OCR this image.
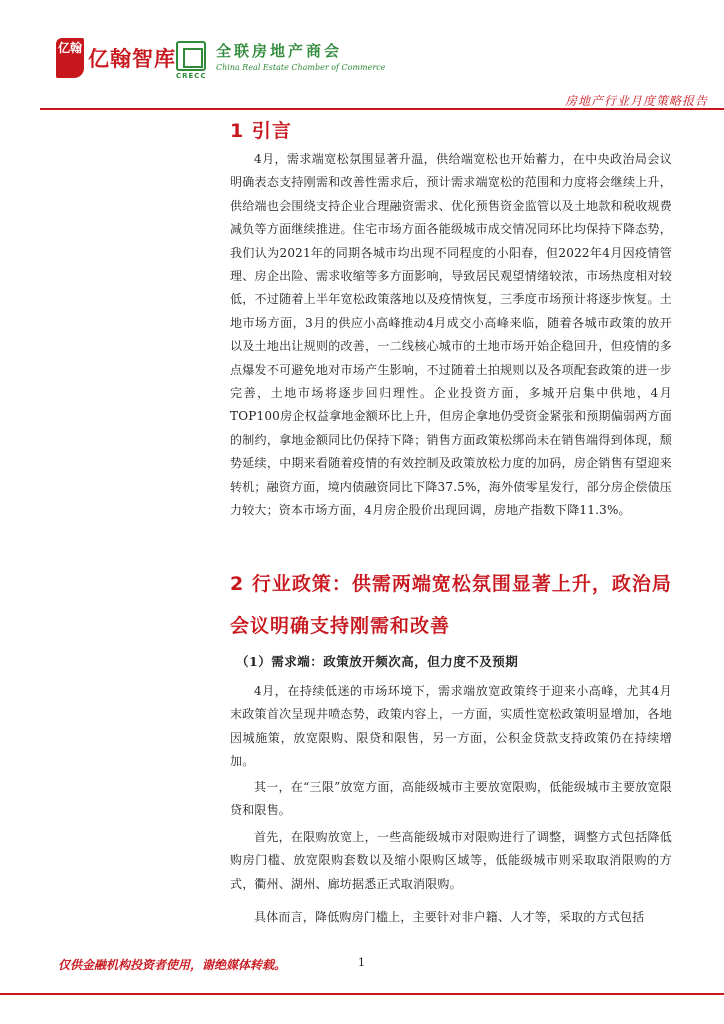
亿翰 亿翰智库
CRECC
全联房地产商会
China Real Estate Chamber of Commerce
房地产行业月度策略报告
1 引言
4月，需求端宽松氛围显著升温，供给端宽松也开始蓄力，在中央政治局会议明确表态支持刚需和改善性需求后，预计需求端宽松的范围和力度将会继续上升，供给端也会围绕支持企业合理融资需求、优化预售资金监管以及土地款和税收规费减负等方面继续推进。住宅市场方面各能级城市成交情况同环比均保持下降态势，我们认为2021年的同期各城市均出现不同程度的小阳春，但2022年4月因疫情管理、房企出险、需求收缩等多方面影响，导致居民观望情绪较浓，市场热度相对较低，不过随着上半年宽松政策落地以及疫情恢复，三季度市场预计将逐步恢复。土地市场方面，3月的供应小高峰推动4月成交小高峰来临，随着各城市政策的放开以及土地出让规则的改善，一二线核心城市的土地市场开始企稳回升，但疫情的多点爆发不可避免地对市场产生影响，不过随着土拍规则以及各项配套政策的进一步完善，土地市场将逐步回归理性。企业投资方面，多城开启集中供地，4月TOP100房企权益拿地金额环比上升，但房企拿地仍受资金紧张和预期偏弱两方面的制约，拿地金额同比仍保持下降；销售方面政策松绑尚未在销售端得到体现，颓势延续，中期来看随着疫情的有效控制及政策放松力度的加码，房企销售有望迎来转机；融资方面，境内债融资同比下降37.5%，海外债零星发行，部分房企偿债压力较大；资本市场方面，4月房企股价出现回调，房地产指数下降11.3%。
2 行业政策：供需两端宽松氛围显著上升，政治局会议明确支持刚需和改善
（1）需求端：政策放开频次高，但力度不及预期
4月，在持续低迷的市场环境下，需求端放宽政策终于迎来小高峰，尤其4月末政策首次呈现井喷态势，政策内容上，一方面，实质性宽松政策明显增加，各地因城施策，放宽限购、限贷和限售，另一方面，公积金贷款支持政策仍在持续增加。
其一，在“三限”放宽方面，高能级城市主要放宽限购，低能级城市主要放宽限贷和限售。
首先，在限购放宽上，一些高能级城市对限购进行了调整，调整方式包括降低购房门槛、放宽限购套数以及缩小限购区域等，低能级城市则采取取消限购的方式，衢州、湖州、廊坊据悉正式取消限购。
具体而言，降低购房门槛上，主要针对非户籍、人才等，采取的方式包括
仅供金融机构投资者使用，谢绝媒体转载。	1
